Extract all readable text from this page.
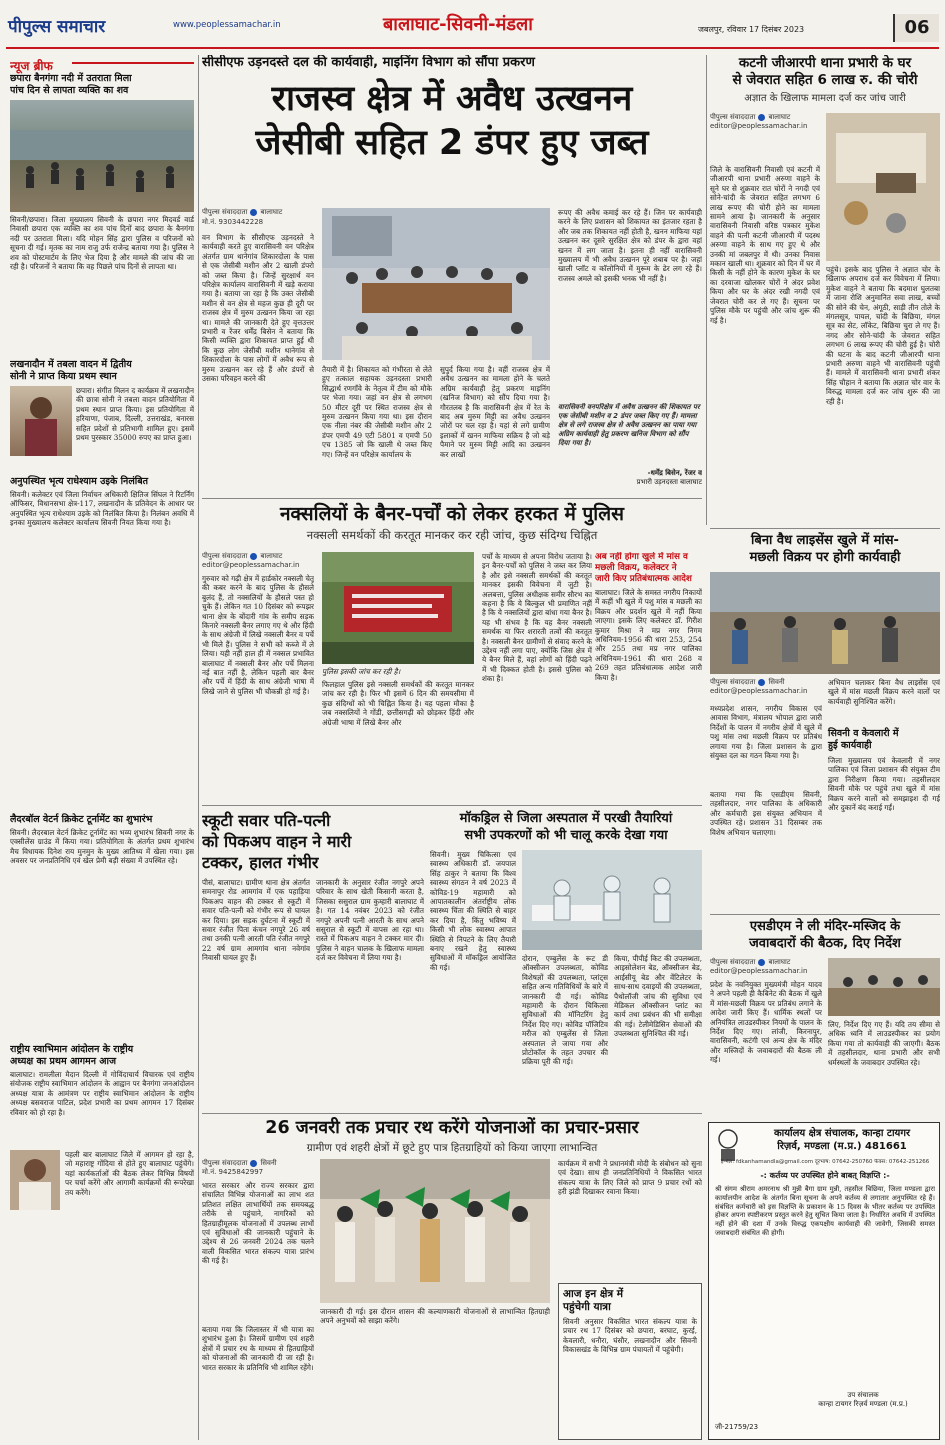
पीपुल्स समाचार	www.peoplessamachar.in	बालाघाट-सिवनी-मंडला	जबलपुर, रविवार 17 दिसंबर 2023	06
न्यूज ब्रीफ
छपारा बैनगंगा नदी में उतराता मिला
पांच दिन से लापता व्यक्ति का शव
सिवनी/छपारा। जिला मुख्यालय सिवनी के छपारा नगर मिदवर्ड वार्ड निवासी छपारा एक व्यक्ति का शव पांच दिनों बाद छपारा के बैनगंगा नदी पर उतराता मिला। यदि मोहन सिंह द्वारा पुलिस व परिजनों को सूचना दी गई। मृतक का नाम राजु उर्फ राजेन्द्र बताया गया है। पुलिस ने शव को पोस्टमार्टम के लिए भेज दिया है और मामले की जांच की जा रही है। परिजनों ने बताया कि वह पिछले पांच दिनों से लापता था।
लखनादौन में तबला वादन में द्वितीय
सोनी ने प्राप्त किया प्रथम स्थान
छपारा। संगीत मिलन द कार्यक्रम में लखनादौन की छात्रा सोनी ने तबला वादन प्रतियोगिता में प्रथम स्थान प्राप्त किया। इस प्रतियोगिता में हरियाणा, पंजाब, दिल्ली, उत्तराखंड, बनारस सहित प्रदेशों से प्रतिभागी शामिल हुए। इसमें प्रथम पुरस्कार 35000 रुपए का प्राप्त हुआ।
अनुपस्थित भृत्य राधेश्याम उइके निलंबित
सिवनी। कलेक्टर एवं जिला निर्वाचन अधिकारी क्षितिज सिंघल ने रिटर्निंग ऑफिसर, विधानसभा क्षेत्र-117, लखनादौन के प्रतिवेदन के आधार पर अनुपस्थित भृत्य राधेश्याम उइके को निलंबित किया है। निलंबन अवधि में इनका मुख्यालय कलेक्टर कार्यालय सिवनी नियत किया गया है।
लैदरबॉल वेटर्न क्रिकेट टूर्नामेंट का शुभारंभ
सिवनी। लैदरबाल वेटर्न क्रिकेट टूर्नामेंट का भव्य शुभारंभ सिवनी नगर के एक्सीलेंस ग्राउंड में किया गया। प्रतियोगिता के अंतर्गत प्रथम शुभारंभ मैच विधायक दिनेश राय मुनमुन के मुख्य आतिथ्य में खेला गया। इस अवसर पर जनप्रतिनिधि एवं खेल प्रेमी बड़ी संख्या में उपस्थित रहे।
राष्ट्रीय स्वाभिमान आंदोलन के राष्ट्रीय
अध्यक्ष का प्रथम आगमन आज
बालाघाट। रामलीला मैदान दिल्ली में गोविंदाचार्य विचारक एवं राष्ट्रीय संयोजक राष्ट्रीय स्वाभिमान आंदोलन के आह्वान पर बैनगंगा जनआंदोलन अध्यक्ष यात्रा के आमंत्रण पर राष्ट्रीय स्वाभिमान आंदोलन के राष्ट्रीय अध्यक्ष बसवराज पाटिल, प्रदेश प्रभारी का प्रथम आगमन 17 दिसंबर रविवार को हो रहा है।
पहली बार बालाघाट जिले में आगमन हो रहा है, जो महाराष्ट्र गोंदिया से होते हुए बालाघाट पहुंचेंगे। यहां कार्यकर्ताओं की बैठक लेकर विभिन्न विषयों पर चर्चा करेंगे और आगामी कार्यक्रमों की रूपरेखा तय करेंगे।
सीसीएफ उड़नदस्ते दल की कार्यवाही, माइनिंग विभाग को सौंपा प्रकरण
राजस्व क्षेत्र में अवैध उत्खनन
जेसीबी सहित 2 डंपर हुए जब्त
पीपुल्स संवाददाता बालाघाट
मो.नं. 9303442228
वन विभाग के सीसीएफ उड़नदस्ते ने कार्यवाही करते हुए वारासिवनी वन परिक्षेत्र अंतर्गत ग्राम थानेगांव शिकारदोला के पास से एक जेसीबी मशीन और 2 खाली डंपरो को जब्त किया है। जिन्हें सुरक्षार्थ वन परिक्षेत्र कार्यालय वारासिवनी में खड़े कराया गया है। बताया जा रहा है कि उक्त जेसीबी मशीन से वन क्षेत्र से महज कुछ ही दूरी पर राजस्व क्षेत्र में मुरुम उत्खनन किया जा रहा था। मामले की जानकारी देते हुए वृत्तउत्तर प्रभारी व रेंजर धर्मेंद्र बिसेन ने बताया कि किसी व्यक्ति द्वारा शिकायत प्राप्त हुई थी कि कुछ लोग जेसीबी मशीन थानेगांव से शिकारदोला के पास लोगों में अवैध रूप से मुरुम उत्खनन कर रहे हैं और डंपरों से उसका परिवहन करने की
तैयारी में है। शिकायत को गंभीरता से लेते हुए तत्काल सहायक उड़नदस्ता प्रभारी सिद्धार्थ रणगाँवे के नेतृत्व में टीम को मौके पर भेजा गया। जहां वन क्षेत्र से लगभग 50 मीटर दूरी पर स्थित राजस्व क्षेत्र से मुरुम उत्खनन किया गया था। इस दौरान एक नीला नंबर की जेसीबी मशीन और 2 डंपर एमपी 49 एटी 5801 व एमपी 50 एच 1385 जो कि खाली थे जब्त किए गए। जिन्हें वन परिक्षेत्र कार्यालय के
सुपुर्द किया गया है। वहीं राजस्व क्षेत्र में अवैध उत्खनन का मामला होने के चलते अग्रिम कार्यवाही हेतु प्रकरण माइनिंग (खनिज विभाग) को सौंप दिया गया है। गौरतलब है कि वारासिवनी क्षेत्र में रेत के बाद अब मुरुम मिट्टी का अवैध उत्खनन जोरों पर चल रहा है। यहां से लगे ग्रामीण इलाकों में खनन माफिया सक्रिय है जो बड़े पैमाने पर मुरुम मिट्टी आदि का उत्खनन कर लाखों
रूपए की अवैध कमाई कर रहे हैं। जिन पर कार्यवाही करने के लिए प्रशासन को शिकायत का इंतजार रहता है और जब तक शिकायत नहीं होती है, खनन माफिया यहां उत्खनन कर दूसरे सुरक्षित क्षेत्र को डंपर के द्वारा वहां खनन में लग जाता है। इतना ही नहीं वारासिवनी मुख्यालय में भी अवैध उत्खनन पूरे शबाब पर है। जहां खाली प्लॉट व कॉलोनियों में मुरूम के ढेर लग रहे हैं। राजस्व अमले को इसकी भनक भी नहीं है।
वारासिवनी वनपरिक्षेत्र में अवैध उत्खनन की शिकायत पर एक जेसीबी मशीन व 2 डंपर जब्त किए गए हैं। मामला क्षेत्र से लगे राजस्व क्षेत्र से अवैध उत्खनन का पाया गया अग्रिम कार्यवाही हेतु प्रकरण खनिज विभाग को सौंप दिया गया है।
-धर्मेंद्र बिसेन, रेंजर व
प्रभारी उड़नदस्ता बालाघाट
कटनी जीआरपी थाना प्रभारी के घर
से जेवरात सहित 6 लाख रु. की चोरी
अज्ञात के खिलाफ मामला दर्ज कर जांच जारी
पीपुल्स संवाददाता बालाघाट
editor@peoplessamachar.in
जिले के वारासिवनी निवासी एवं कटनी में जीआरपी थाना प्रभारी अरुणा वाहने के सूने घर से शुक्रवार रात चोरों ने नगदी एवं सोने-चांदी के जेवरात सहित लगभग 6 लाख रूपए की चोरी होने का मामला सामने आया है। जानकारी के अनुसार वारासिवनी निवासी वरिष्ठ पत्रकार मुकेश वाहने की पत्नी कटनी जीआरपी में पदस्थ अरुणा वाहने के साथ गए हुए थे और उनकी मां जबलपुर में थी। उनका निवास मकान खाली था। शुक्रवार को दिन में घर में किसी के नहीं होने के कारण मुकेश के घर का दरवाजा खोलकर चोरों ने अंदर प्रवेश किया और घर के अंदर रखी नगदी एवं जेवरात चोरी कर ले गए हैं। सूचना पर पुलिस मौके पर पहुंची और जांच शुरू की गई है।
पहुंचे। इसके बाद पुलिस ने अज्ञात चोर के खिलाफ अपराध दर्ज कर विवेचना में लिया। मुकेश वाहने ने बताया कि बदमाश घुलतबा में जाना रोशि अनुमानित सवा लाख, बच्चों की सोने की चेन, अंगूठी, साड़ी तीन तोले के मंगलसूत्र, पायल, चांदी के बिछिया, मंगल सूत्र का सेट, लॉकेट, बिछिया चुरा ले गए हैं। नगद और सोने-चांदी के जेवरात सहित लगभग 6 लाख रूपए की चोरी हुई है। चोरी की घटना के बाद कटनी जीआरपी थाना प्रभारी अरुणा वाहने भी वारासिवनी पहुंची हैं। मामले में वारासिवनी थाना प्रभारी शंकर सिंह चौहान ने बताया कि अज्ञात चोर वार के विरुद्ध मामला दर्ज कर जांच शुरू की जा रही है।
नक्सलियों के बैनर-पर्चों को लेकर हरकत में पुलिस
नक्सली समर्थकों की करतूत मानकर कर रही जांच, कुछ संदिग्ध चिह्नित
पीपुल्स संवाददाता बालाघाट
editor@peoplessamachar.in
गुरुवार को गढ़ी क्षेत्र में हार्डकोर नक्सली चेतू की कबर करने के बाद पुलिस के हौसले बुलंद हैं, तो नक्सलियों के हौसले पस्त हो चुके हैं। लेकिन गत 10 दिसंबर को रूपझर थाना क्षेत्र के बोंदारी गांव के समीप सड़क किनारे नक्सली बैनर लगाए गए थे और हिंदी के साथ अंग्रेजी में लिखे नक्सली बैनर व पर्चे भी मिले हैं। पुलिस ने सभी को कब्जे में ले लिया। यही नहीं हाल ही में नक्सल प्रभावित बालाघाट में नक्सली बैनर और पर्चे मिलना नई बात नहीं है, लेकिन पहली बार बैनर और पर्चे में हिंदी के साथ अंग्रेजी भाषा में लिखे जाने से पुलिस भी चौकन्नी हो गई है।
पुलिस इसकी जांच कर रही है।
फिलहाल पुलिस इसे नक्सली समर्थकों की करतूत मानकर जांच कर रही है। फिर भी इसमें 6 दिन की समयसीमा में कुछ संदिग्धों को भी चिह्नित किया है। यह पहला मौका है जब नक्सलियों ने गोंडी, छत्तीसगढ़ी को छोड़कर हिंदी और अंग्रेजी भाषा में लिखे बैनर और
पर्चों के माध्यम से अपना विरोध जताया है। इन बैनर-पर्चों को पुलिस ने जब्त कर लिया है और इसे नक्सली समर्थकों की करतूत मानकर इसकी विवेचना में जुटी है। अलबत्ता, पुलिस अधीक्षक समीर सौरभ का कहना है कि ये बिल्कुल भी प्रमाणित नहीं है कि ये नक्सलियों द्वारा बांधा गया बैनर है। यह भी संभव है कि यह बैनर नक्सली समर्थक या फिर शरारती तत्वों की करतूत है। नक्सली बैनर ग्रामीणों से संवाद करने के उद्देश्य नहीं लगा पाए, क्योंकि जिस क्षेत्र में ये बैनर मिले हैं, वहां लोगों को हिंदी पढ़ने में भी दिक्कत होती है। इससे पुलिस को शंका है।
अब नहीं होगा खुले में मांस व
मछली विक्रय, कलेक्टर ने
जारी किए प्रतिबंधात्मक आदेश
बालाघाट। जिले के समस्त नगरीय निकायों में कहीं भी खुले में पशु मांस व मछली का विक्रय और प्रदर्शन खुले में नहीं किया जाएगा। इसके लिए कलेक्टर डॉ. गिरीश कुमार मिश्रा ने मप्र नगर निगम अधिनियम-1956 की धारा 253, 254 और 255 तथा मप्र नगर पालिका अधिनियम-1961 की धारा 268 व 269 तहत प्रतिबंधात्मक आदेश जारी किया है।
बिना वैध लाइसेंस खुले में मांस-
मछली विक्रय पर होगी कार्यवाही
पीपुल्स संवाददाता सिवनी
editor@peoplessamachar.in
अभियान चलाकर बिना वैध लाइसेंस एवं खुले में मांस मछली विक्रय करने वालों पर कार्यवाही सुनिश्चित करेंगे।
मध्यप्रदेश शासन, नगरीय विकास एवं आवास विभाग, मंत्रालय भोपाल द्वारा जारी निर्देशों के पालन में नगरीय क्षेत्रों में खुले में पशु मांस तथा मछली विक्रय पर प्रतिबंध लगाया गया है। जिला प्रशासन के द्वारा संयुक्त दल का गठन किया गया है।
सिवनी व केवलारी में
हुई कार्यवाही
जिला मुख्यालय एवं केवलारी में नगर पालिका एवं जिला प्रशासन की संयुक्त टीम द्वारा निरीक्षण किया गया। तहसीलदार सिवनी मौके पर पहुंचे तथा खुले में मांस विक्रय करने वालों को समझाइश दी गई और दुकानें बंद कराई गईं।
बताया गया कि एसडीएम सिवनी, तहसीलदार, नगर पालिका के अधिकारी और कर्मचारी इस संयुक्त अभियान में उपस्थित रहे। प्रशासन 31 दिसम्बर तक विशेष अभियान चलाएगा।
एसडीएम ने ली मंदिर-मस्जिद के
जवाबदारों की बैठक, दिए निर्देश
पीपुल्स संवाददाता बालाघाट
editor@peoplessamachar.in
प्रदेश के नवनियुक्त मुख्यमंत्री मोहन यादव ने अपने पहली ही कैबिनेट की बैठक में खुले में मांस-मछली विक्रय पर प्रतिबंध लगाने के आदेश जारी किए हैं। धार्मिक स्थलों पर अनियंत्रित लाउडस्पीकर नियमों के पालन के निर्देश दिए गए। लांजी, किरनापुर, वारासिवनी, कटंगी एवं अन्य क्षेत्र के मंदिर और मस्जिदों के जवाबदारों की बैठक ली गई।
लिए, निर्देश दिए गए हैं। यदि तय सीमा से अधिक ध्वनि में लाउडस्पीकर का प्रयोग किया गया तो कार्यवाही की जाएगी। बैठक में तहसीलदार, थाना प्रभारी और सभी धर्मस्थलों के जवाबदार उपस्थित रहे।
स्कूटी सवार पति-पत्नी
को पिकअप वाहन ने मारी
टक्कर, हालत गंभीर
पीसं, बालाघाट। ग्रामीण थाना क्षेत्र अंतर्गत समनापुर रोड आमगांव में एक पहाड़िया पिकअप वाहन की टक्कर से स्कूटी में सवार पति-पत्नी को गंभीर रूप से घायल कर दिया। इस सड़क दुर्घटना में स्कूटी में सवार रंजीत पिता कंचन नगपुरे 26 वर्ष तथा उनकी पत्नी आरती पति रंजीत नगपुरे 22 वर्ष ग्राम आमगांव थाना नवेगांव निवासी घायल हुए हैं।
जानकारी के अनुसार रंजीत नगपुरे अपने परिवार के साथ खेती किसानी करता है, जिसका ससुराल ग्राम कुम्हारी बालाघाट में है। गत 14 नवंबर 2023 को रंजीत नगपुरे अपनी पत्नी आरती के साथ अपने ससुराल से स्कूटी में वापस आ रहा था। रास्ते में पिकअप वाहन ने टक्कर मार दी। पुलिस ने वाहन चालक के खिलाफ मामला दर्ज कर विवेचना में लिया गया है।
मॉकड्रिल से जिला अस्पताल में परखी तैयारियां
सभी उपकरणों को भी चालू करके देखा गया
सिवनी। मुख्य चिकित्सा एवं स्वास्थ्य अधिकारी डॉ. जयपाल सिंह ठाकुर ने बताया कि विश्व स्वास्थ्य संगठन ने वर्ष 2023 में कोविड-19 महामारी को आपातकालीन अंतर्राष्ट्रीय लोक स्वास्थ्य चिंता की स्थिति से बाहर कर दिया है, किंतु भविष्य में किसी भी लोक स्वास्थ्य आपात स्थिति से निपटने के लिए तैयारी बनाए रखने हेतु स्वास्थ्य सुविधाओं में मॉकड्रिल आयोजित की गई।
दोरान, एम्बुलेंस के रूट डी ऑक्सीजन उपलब्धता, कोविड विशेषज्ञों की उपलब्धता, प्लांट्स सहित अन्य गतिविधियों के बारे में जानकारी दी गई। कोविड महामारी के दौरान चिकित्सा सुविधाओं की मॉनिटरिंग हेतु निर्देश दिए गए। कोविड पॉजिटिव मरीज को एम्बुलेंस से जिला अस्पताल ले जाया गया और प्रोटोकॉल के तहत उपचार की प्रक्रिया पूरी की गई।
किया, पीपीई किट की उपलब्धता, आइसोलेशन बेड, ऑक्सीजन बेड, आईसीयू बेड और वेंटिलेटर के साथ-साथ दवाइयों की उपलब्धता, पैथोलॉजी जांच की सुविधा एवं मेडिकल ऑक्सीजन प्लांट का कार्य तथा प्रबंधन की भी समीक्षा की गई। टेलीमेडिसिन सेवाओं की उपलब्धता सुनिश्चित की गई।
26 जनवरी तक प्रचार रथ करेंगे योजनाओं का प्रचार-प्रसार
ग्रामीण एवं शहरी क्षेत्रों में छूटे हुए पात्र हितग्राहियों को किया जाएगा लाभान्वित
पीपुल्स संवाददाता सिवनी
मो.नं. 9425842997
भारत सरकार और राज्य सरकार द्वारा संचालित विभिन्न योजनाओं का लाभ शत प्रतिशत लक्षित लाभार्थियों तक समयबद्ध तरीके से पहुंचाने, नागरिकों को हितग्राहीमूलक योजनाओं में उपलब्ध लाभों एवं सुविधाओं की जानकारी पहुंचाने के उद्देश्य से 26 जनवरी 2024 तक चलने वाली विकसित भारत संकल्प यात्रा प्रारंभ की गई है।
बताया गया कि जिलास्तर में भी यात्रा का शुभारंभ हुआ है। जिसमें ग्रामीण एवं शहरी क्षेत्रों में प्रचार रथ के माध्यम से हितग्राहियों को योजनाओं की जानकारी दी जा रही है। भारत सरकार के प्रतिनिधि भी शामिल रहेंगे।
जानकारी दी गई। इस दौरान शासन की कल्याणकारी योजनाओं से लाभान्वित हितग्राही अपने अनुभवों को साझा करेंगे।
कार्यक्रम में सभी ने प्रधानमंत्री मोदी के संबोधन को सुना एवं देखा। साथ ही जनप्रतिनिधियों ने विकसित भारत संकल्प यात्रा के लिए जिले को प्राप्त 9 प्रचार रथों को हरी झंडी दिखाकर रवाना किया।
आज इन क्षेत्र में
पहुंचेगी यात्रा
सिवनी अनुसार विकसित भारत संकल्प यात्रा के प्रचार रथ 17 दिसंबर को छपारा, बरघाट, कुरई, केवलारी, धनौरा, घंसौर, लखनादौन और सिवनी विकासखंड के विभिन्न ग्राम पंचायतों में पहुंचेगी।
कार्यालय क्षेत्र संचालक, कान्हा टायगर
रिज़र्व, मण्डला (म.प्र.) 481661
ई-मेल: fdkanhamandla@gmail.com दूरभाष: 07642-250760 फैक्स: 07642-251266
-: कर्तव्य पर उपस्थित होने बाबत् विज्ञप्ति :-
श्री संगम श्रीराम अमरनाथ श्री मुन्नी बैगा ग्राम मुन्नी, तहसील बिछिया, जिला मण्डला द्वारा कार्यालयीन आदेश के अंतर्गत बिना सूचना के अपने कर्तव्य से लगातार अनुपस्थित रहे हैं। संबंधित कर्मचारी को इस विज्ञप्ति के प्रकाशन के 15 दिवस के भीतर कर्तव्य पर उपस्थित होकर अपना स्पष्टीकरण प्रस्तुत करने हेतु सूचित किया जाता है। निर्धारित अवधि में उपस्थित नहीं होने की दशा में उनके विरुद्ध एकपक्षीय कार्यवाही की जावेगी, जिसकी समस्त जवाबदारी संबंधित की होगी।
उप संचालक
कान्हा टायगर रिज़र्व मण्डला (म.प्र.)
जी-21759/23
